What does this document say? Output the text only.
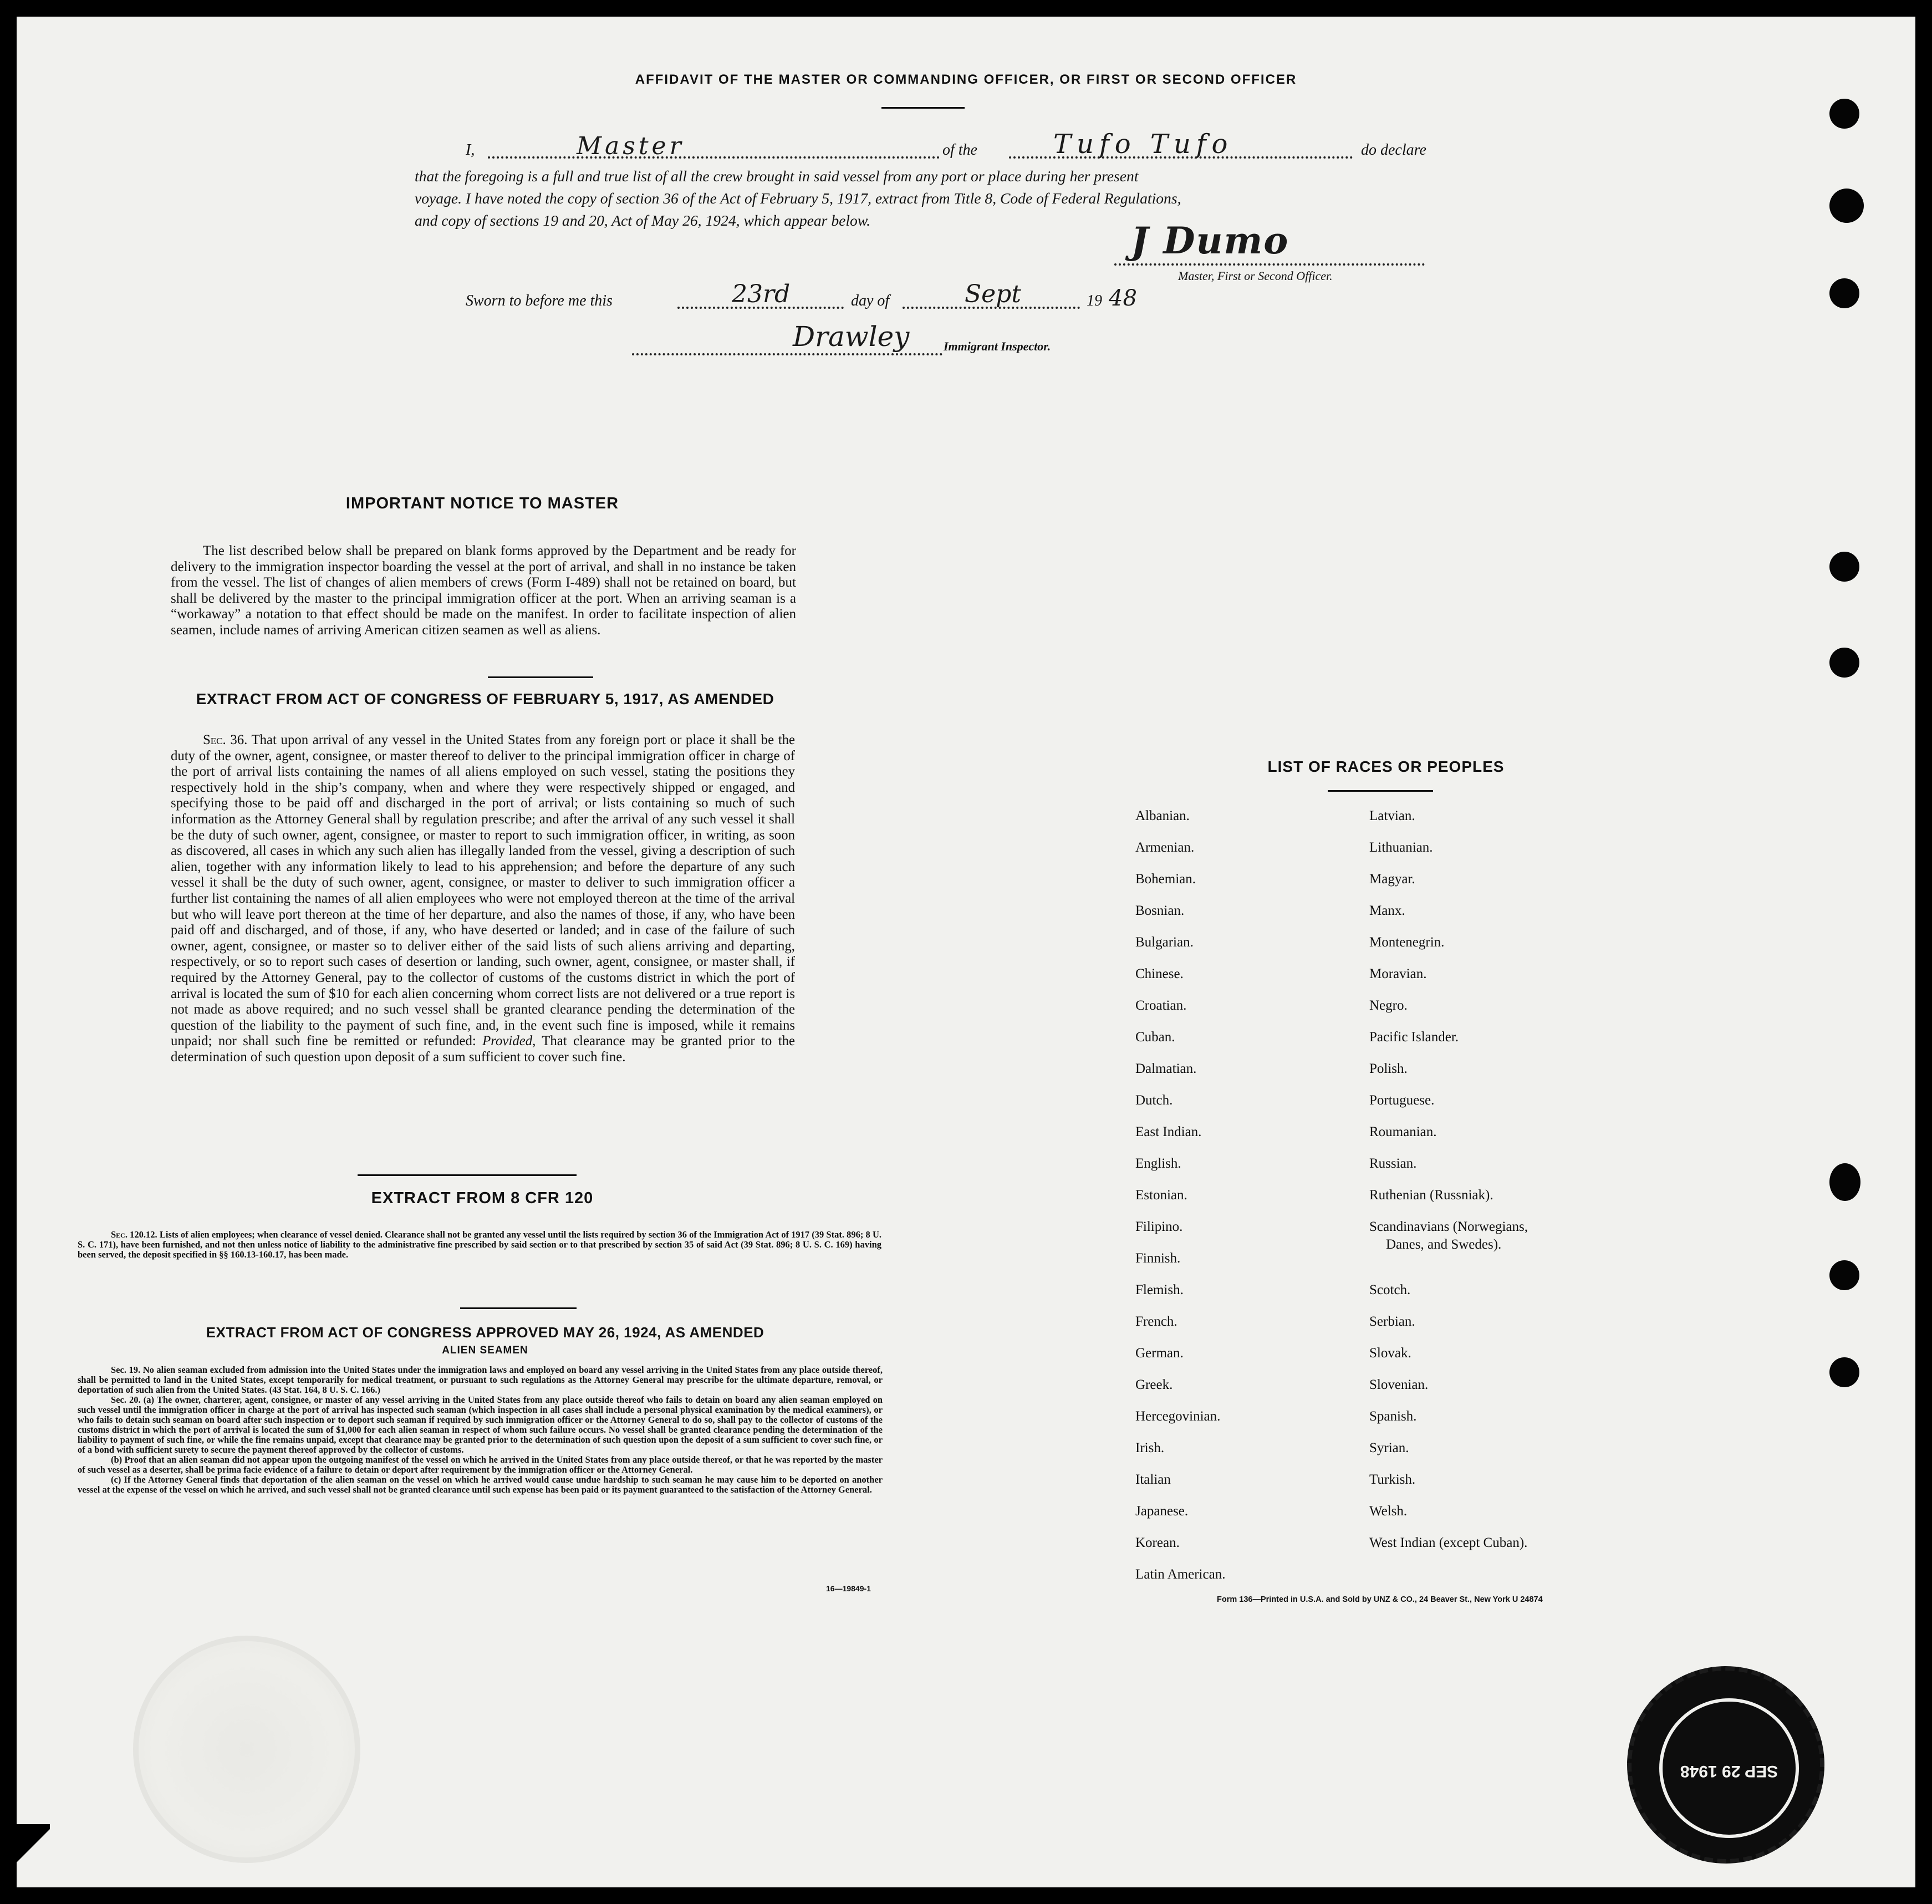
AFFIDAVIT OF THE MASTER OR COMMANDING OFFICER, OR FIRST OR SECOND OFFICER
I,	Master	of the	Tufo Tufo	do declare
that the foregoing is a full and true list of all the crew brought in said vessel from any port or place during her present
voyage. I have noted the copy of section 36 of the Act of February 5, 1917, extract from Title 8, Code of Federal Regulations,
and copy of sections 19 and 20, Act of May 26, 1924, which appear below.	J Dumo
Master, First or Second Officer.
Sworn to before me this	23rd	day of	Sept	19 48
Drawley	Immigrant Inspector.
IMPORTANT NOTICE TO MASTER
The list described below shall be prepared on blank forms approved by the Department and be ready for delivery to the immigration inspector boarding the vessel at the port of arrival, and shall in no instance be taken from the vessel. The list of changes of alien members of crews (Form I-489) shall not be retained on board, but shall be delivered by the master to the principal immigration officer at the port. When an arriving seaman is a “workaway” a notation to that effect should be made on the manifest. In order to facilitate inspection of alien seamen, include names of arriving American citizen seamen as well as aliens.
EXTRACT FROM ACT OF CONGRESS OF FEBRUARY 5, 1917, AS AMENDED
Sec. 36. That upon arrival of any vessel in the United States from any foreign port or place it shall be the duty of the owner, agent, consignee, or master thereof to deliver to the principal immigration officer in charge of the port of arrival lists containing the names of all aliens employed on such vessel, stating the positions they respectively hold in the ship’s company, when and where they were respectively shipped or engaged, and specifying those to be paid off and discharged in the port of arrival; or lists containing so much of such information as the Attorney General shall by regulation prescribe; and after the arrival of any such vessel it shall be the duty of such owner, agent, consignee, or master to report to such immigration officer, in writing, as soon as discovered, all cases in which any such alien has illegally landed from the vessel, giving a description of such alien, together with any information likely to lead to his apprehension; and before the departure of any such vessel it shall be the duty of such owner, agent, consignee, or master to deliver to such immigration officer a further list containing the names of all alien employees who were not employed thereon at the time of the arrival but who will leave port thereon at the time of her departure, and also the names of those, if any, who have been paid off and discharged, and of those, if any, who have deserted or landed; and in case of the failure of such owner, agent, consignee, or master so to deliver either of the said lists of such aliens arriving and departing, respectively, or so to report such cases of desertion or landing, such owner, agent, consignee, or master shall, if required by the Attorney General, pay to the collector of customs of the customs district in which the port of arrival is located the sum of $10 for each alien concerning whom correct lists are not delivered or a true report is not made as above required; and no such vessel shall be granted clearance pending the determination of the question of the liability to the payment of such fine, and, in the event such fine is imposed, while it remains unpaid; nor shall such fine be remitted or refunded: Provided, That clearance may be granted prior to the determination of such question upon deposit of a sum sufficient to cover such fine.
EXTRACT FROM 8 CFR 120
Sec. 120.12. Lists of alien employees; when clearance of vessel denied. Clearance shall not be granted any vessel until the lists required by section 36 of the Immigration Act of 1917 (39 Stat. 896; 8 U. S. C. 171), have been furnished, and not then unless notice of liability to the administrative fine prescribed by said section or to that prescribed by section 35 of said Act (39 Stat. 896; 8 U. S. C. 169) having been served, the deposit specified in §§ 160.13-160.17, has been made.
EXTRACT FROM ACT OF CONGRESS APPROVED MAY 26, 1924, AS AMENDED
ALIEN SEAMEN
Sec. 19. No alien seaman excluded from admission into the United States under the immigration laws and employed on board any vessel arriving in the United States from any place outside thereof, shall be permitted to land in the United States, except temporarily for medical treatment, or pursuant to such regulations as the Attorney General may prescribe for the ultimate departure, removal, or deportation of such alien from the United States. (43 Stat. 164, 8 U. S. C. 166.)
Sec. 20. (a) The owner, charterer, agent, consignee, or master of any vessel arriving in the United States from any place outside thereof who fails to detain on board any alien seaman employed on such vessel until the immigration officer in charge at the port of arrival has inspected such seaman (which inspection in all cases shall include a personal physical examination by the medical examiners), or who fails to detain such seaman on board after such inspection or to deport such seaman if required by such immigration officer or the Attorney General to do so, shall pay to the collector of customs of the customs district in which the port of arrival is located the sum of $1,000 for each alien seaman in respect of whom such failure occurs. No vessel shall be granted clearance pending the determination of the liability to payment of such fine, or while the fine remains unpaid, except that clearance may be granted prior to the determination of such question upon the deposit of a sum sufficient to cover such fine, or of a bond with sufficient surety to secure the payment thereof approved by the collector of customs.
(b) Proof that an alien seaman did not appear upon the outgoing manifest of the vessel on which he arrived in the United States from any place outside thereof, or that he was reported by the master of such vessel as a deserter, shall be prima facie evidence of a failure to detain or deport after requirement by the immigration officer or the Attorney General.
(c) If the Attorney General finds that deportation of the alien seaman on the vessel on which he arrived would cause undue hardship to such seaman he may cause him to be deported on another vessel at the expense of the vessel on which he arrived, and such vessel shall not be granted clearance until such expense has been paid or its payment guaranteed to the satisfaction of the Attorney General.
16—19849-1
LIST OF RACES OR PEOPLES
Albanian.
Armenian.
Bohemian.
Bosnian.
Bulgarian.
Chinese.
Croatian.
Cuban.
Dalmatian.
Dutch.
East Indian.
English.
Estonian.
Filipino.
Finnish.
Flemish.
French.
German.
Greek.
Hercegovinian.
Irish.
Italian
Japanese.
Korean.
Latin American.
Latvian.
Lithuanian.
Magyar.
Manx.
Montenegrin.
Moravian.
Negro.
Pacific Islander.
Polish.
Portuguese.
Roumanian.
Russian.
Ruthenian (Russniak).
Scandinavians (Norwegians,
Danes, and Swedes).
Scotch.
Serbian.
Slovak.
Slovenian.
Spanish.
Syrian.
Turkish.
Welsh.
West Indian (except Cuban).
Form 136—Printed in U.S.A. and Sold by UNZ & CO., 24 Beaver St., New York U 24874
SEP 29 1948
